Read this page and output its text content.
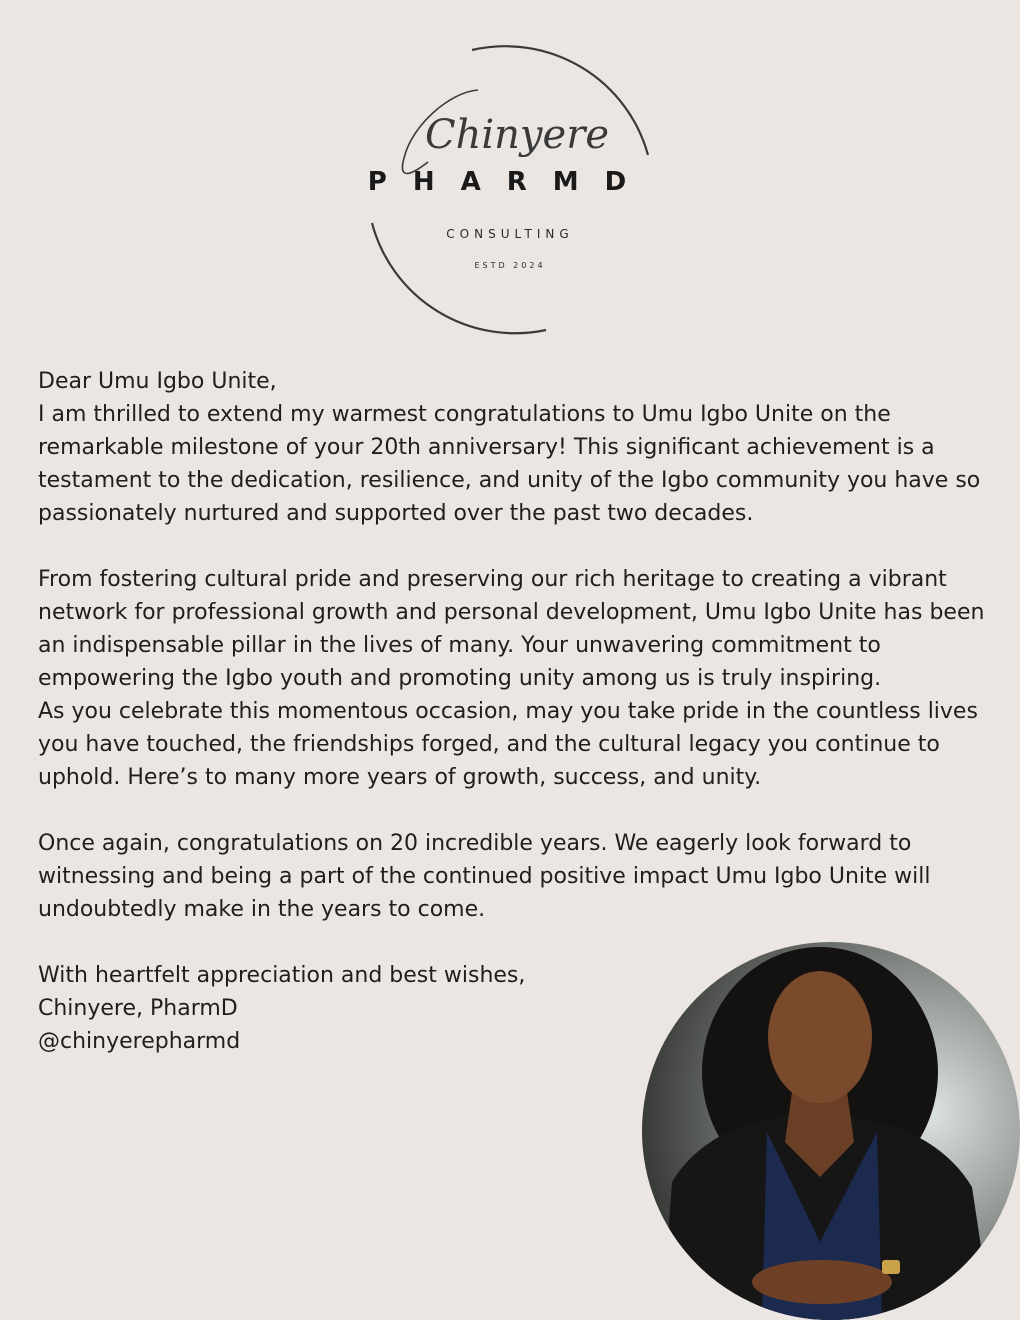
Chinyere
PHARMD
CONSULTING
ESTD 2024

Dear Umu Igbo Unite,

I am thrilled to extend my warmest congratulations to Umu Igbo Unite on the remarkable milestone of your 20th anniversary! This significant achievement is a testament to the dedication, resilience, and unity of the Igbo community you have so passionately nurtured and supported over the past two decades.

From fostering cultural pride and preserving our rich heritage to creating a vibrant network for professional growth and personal development, Umu Igbo Unite has been an indispensable pillar in the lives of many. Your unwavering commitment to empowering the Igbo youth and promoting unity among us is truly inspiring.

As you celebrate this momentous occasion, may you take pride in the countless lives you have touched, the friendships forged, and the cultural legacy you continue to uphold. Here’s to many more years of growth, success, and unity.

Once again, congratulations on 20 incredible years. We eagerly look forward to witnessing and being a part of the continued positive impact Umu Igbo Unite will undoubtedly make in the years to come.

With heartfelt appreciation and best wishes,

Chinyere, PharmD

@chinyerepharmd
